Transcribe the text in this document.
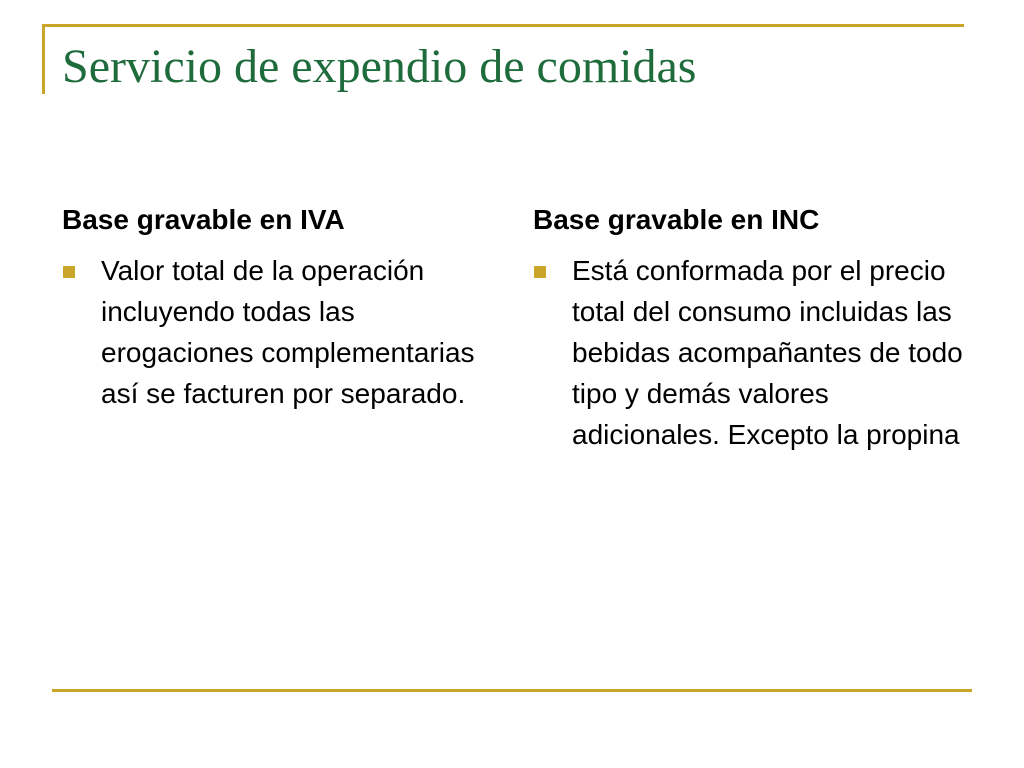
Servicio de expendio de comidas
Base gravable en IVA
Valor total de la operación incluyendo todas las erogaciones complementarias así se facturen por separado.
Base gravable en INC
Está conformada por el precio total del consumo incluidas las bebidas acompañantes de todo tipo y demás valores adicionales. Excepto la propina
